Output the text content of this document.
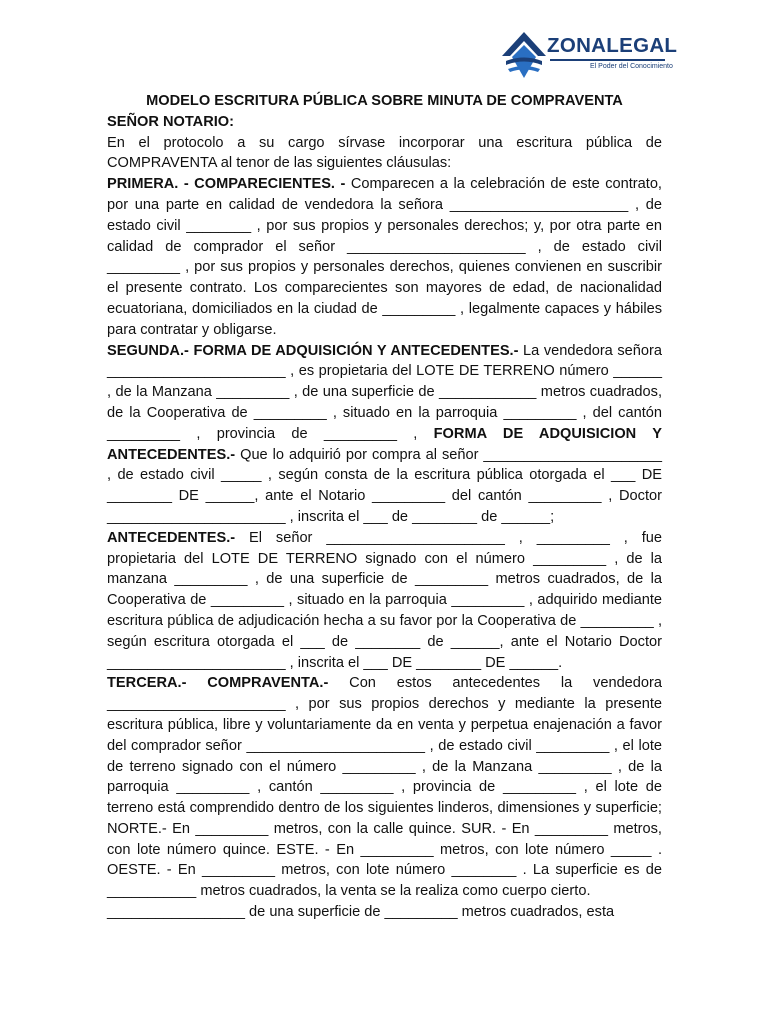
ZONALEGAL
El Poder del Conocimiento

MODELO ESCRITURA PÚBLICA SOBRE MINUTA DE COMPRAVENTA

SEÑOR NOTARIO:

En el protocolo a su cargo sírvase incorporar una escritura pública de COMPRAVENTA al tenor de las siguientes cláusulas:

PRIMERA. - COMPARECIENTES. - Comparecen a la celebración de este contrato, por una parte en calidad de vendedora la señora ______________________ , de estado civil ________ , por sus propios y personales derechos; y, por otra parte en calidad de comprador el señor ______________________ , de estado civil _________ , por sus propios y personales derechos, quienes convienen en suscribir el presente contrato. Los comparecientes son mayores de edad, de nacionalidad ecuatoriana, domiciliados en la ciudad de _________ , legalmente capaces y hábiles para contratar y obligarse.

SEGUNDA.- FORMA DE ADQUISICIÓN Y ANTECEDENTES.- La vendedora señora ______________________ , es propietaria del LOTE DE TERRENO número ______ , de la Manzana _________ , de una superficie de ____________ metros cuadrados, de la Cooperativa de _________ , situado en la parroquia _________ , del cantón _________ , provincia de _________ , FORMA DE ADQUISICION Y ANTECEDENTES.- Que lo adquirió por compra al señor ______________________ , de estado civil _____ , según consta de la escritura pública otorgada el ___ DE ________ DE ______, ante el Notario _________ del cantón _________ , Doctor ______________________ , inscrita el ___ de ________ de ______;

ANTECEDENTES.- El señor ______________________ , _________ , fue propietaria del LOTE DE TERRENO signado con el número _________ , de la manzana _________ , de una superficie de _________ metros cuadrados, de la Cooperativa de _________ , situado en la parroquia _________ , adquirido mediante escritura pública de adjudicación hecha a su favor por la Cooperativa de _________ , según escritura otorgada el ___ de ________ de ______, ante el Notario Doctor ______________________ , inscrita el ___ DE ________ DE ______.

TERCERA.- COMPRAVENTA.- Con estos antecedentes la vendedora ______________________ , por sus propios derechos y mediante la presente escritura pública, libre y voluntariamente da en venta y perpetua enajenación a favor del comprador señor ______________________ , de estado civil _________ , el lote de terreno signado con el número _________ , de la Manzana _________ , de la parroquia _________ , cantón _________ , provincia de _________ , el lote de terreno está comprendido dentro de los siguientes linderos, dimensiones y superficie; NORTE.- En _________ metros, con la calle quince. SUR. - En _________ metros, con lote número quince. ESTE. - En _________ metros, con lote número _____ . OESTE. - En _________ metros, con lote número ________ . La superficie es de ___________ metros cuadrados, la venta se la realiza como cuerpo cierto.

_________________ de una superficie de _________ metros cuadrados, esta
